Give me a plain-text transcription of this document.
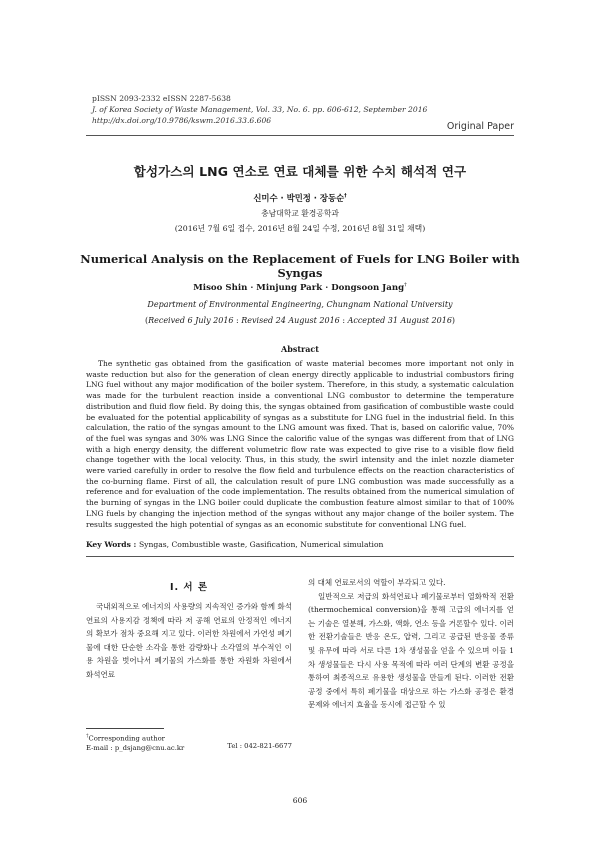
pISSN 2093-2332 eISSN 2287-5638
J. of Korea Society of Waste Management, Vol. 33, No. 6. pp. 606-612, September 2016
http://dx.doi.org/10.9786/kswm.2016.33.6.606
Original Paper
합성가스의 LNG 연소로 연료 대체를 위한 수치 해석적 연구
신미수 · 박민정 · 장동순†
충남대학교 환경공학과
(2016년 7월 6일 접수, 2016년 8월 24일 수정, 2016년 8월 31일 채택)
Numerical Analysis on the Replacement of Fuels for LNG Boiler with Syngas
Misoo Shin · Minjung Park · Dongsoon Jang†
Department of Environmental Engineering, Chungnam National University
(Received 6 July 2016 : Revised 24 August 2016 : Accepted 31 August 2016)
Abstract
The synthetic gas obtained from the gasification of waste material becomes more important not only in waste reduction but also for the generation of clean energy directly applicable to industrial combustors firing LNG fuel without any major modification of the boiler system. Therefore, in this study, a systematic calculation was made for the turbulent reaction inside a conventional LNG combustor to determine the temperature distribution and fluid flow field. By doing this, the syngas obtained from gasification of combustible waste could be evaluated for the potential applicability of syngas as a substitute for LNG fuel in the industrial field. In this calculation, the ratio of the syngas amount to the LNG amount was fixed. That is, based on calorific value, 70% of the fuel was syngas and 30% was LNG Since the calorific value of the syngas was different from that of LNG with a high energy density, the different volumetric flow rate was expected to give rise to a visible flow field change together with the local velocity. Thus, in this study, the swirl intensity and the inlet nozzle diameter were varied carefully in order to resolve the flow field and turbulence effects on the reaction characteristics of the co-burning flame. First of all, the calculation result of pure LNG combustion was made successfully as a reference and for evaluation of the code implementation. The results obtained from the numerical simulation of the burning of syngas in the LNG boiler could duplicate the combustion feature almost similar to that of 100% LNG fuels by changing the injection method of the syngas without any major change of the boiler system. The results suggested the high potential of syngas as an economic substitute for conventional LNG fuel.
Key Words : Syngas, Combustible waste, Gasification, Numerical simulation
I. 서 론
국내외적으로 에너지의 사용량의 지속적인 증가와 함께 화석연료의 사용지감 정책에 따라 저 공해 연료의 안정적인 에너지의 확보가 점차 중요해 지고 있다. 이러한 차원에서 가연성 폐기물에 대한 단순한 소각을 통한 감량화나 소각열의 부수적인 이용 차원을 벗어나서 폐기물의 가스화를 통한 자원화 차원에서 화석연료

의 대체 연료로서의 역할이 부각되고 있다.

일반적으로 저급의 화석연료나 폐기물로부터 열화학적 전환(thermochemical conversion)을 통해 고급의 에너지를 얻는 기술은 열분해, 가스화, 액화, 연소 등을 거론할수 있다. 이러한 전환기술들은 반응 온도, 압력, 그리고 공급된 반응물 종류 및 유무에 따라 서로 다른 1차 생성물을 얻을 수 있으며 이들 1차 생성물들은 다시 사용 목적에 따라 여러 단계의 변환 공정을 통하여 최종적으로 유용한 생성물을 만들게 된다. 이러한 전환 공정 중에서 특히 폐기물을 대상으로 하는 가스화 공정은 환경문제와 에너지 효율을 동시에 접근할 수 있

†Corresponding author
E-mail : p_dsjang@cnu.ac.kr	Tel : 042-821-6677
606
